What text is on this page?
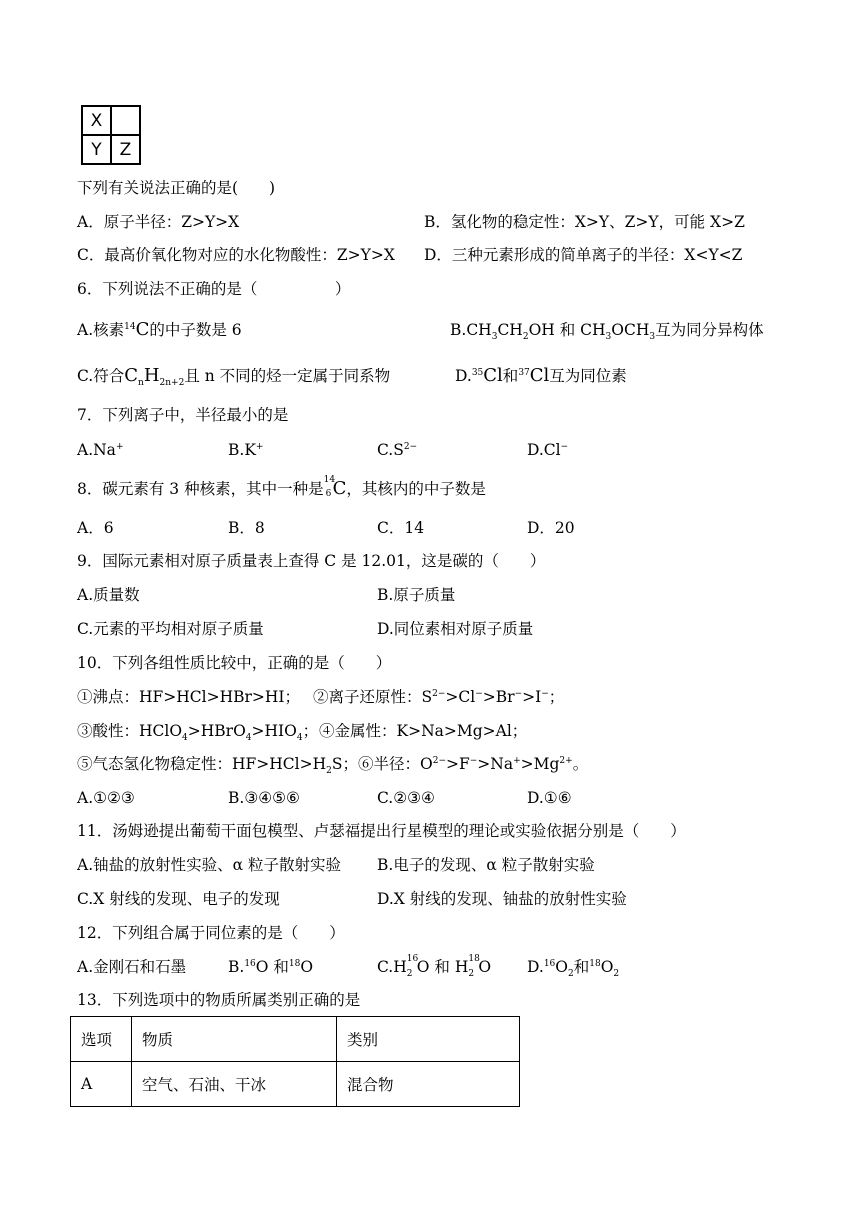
X	
Y	Z
下列有关说法正确的是(　　)
A．原子半径：Z>Y>X	B．氢化物的稳定性：X>Y、Z>Y，可能 X>Z
C．最高价氧化物对应的水化物酸性：Z>Y>X D．三种元素形成的简单离子的半径：X<Y<Z
6．下列说法不正确的是（　　　　　）
A.核素$^{14}$C的中子数是 6	$B.CH_3CH_2OH$ 和 $CH_3OCH_3$互为同分异构体
C.符合$C_nH_{2n+2}$且 n 不同的烃一定属于同系物	D.$^{35}$Cl和$^{37}$Cl互为同位素
7．下列离子中，半径最小的是
A.Na+	B.K+	$C.S^{2-}$	D.Cl−
8．碳元素有 3 种核素，其中一种是 14
6 C，其核内的中子数是
A．6	B．8	C．14	D．20
9．国际元素相对原子质量表上查得 C 是 12.01，这是碳的（　　）
A.质量数	B.原子质量
C.元素的平均相对原子质量	D.同位素相对原子质量
10．下列各组性质比较中，正确的是（　　）
①沸点：HF>HCl>HBr>HI； ②离子还原性：$S^{2-}>Cl^->Br^->I^-$；
③酸性：$HClO_4>HBrO_4>HIO_4$； ④金属性：K>Na>Mg>Al；
⑤气态氢化物稳定性：$HF>HCl>H_2S$； ⑥半径：$O^{2-}>F^->Na^+>Mg^{2+}$。
A.①②③	B.③④⑤⑥	C.②③④	D.①⑥
11．汤姆逊提出葡萄干面包模型、卢瑟福提出行星模型的理论或实验依据分别是（　　）
A.铀盐的放射性实验、α 粒子散射实验 B.电子的发现、α 粒子散射实验
C.X 射线的发现、电子的发现	D.X 射线的发现、铀盐的放射性实验
12．下列组合属于同位素的是（　　）
A.金刚石和石墨	B.$^{16}$O 和$^{18}$O	C.H 16
2 O 和 H 18
2 O $D.^{16}O_2$和$^{18}O_2$
13．下列选项中的物质所属类别正确的是
选项	物质	类别
A	空气、石油、干冰	混合物
